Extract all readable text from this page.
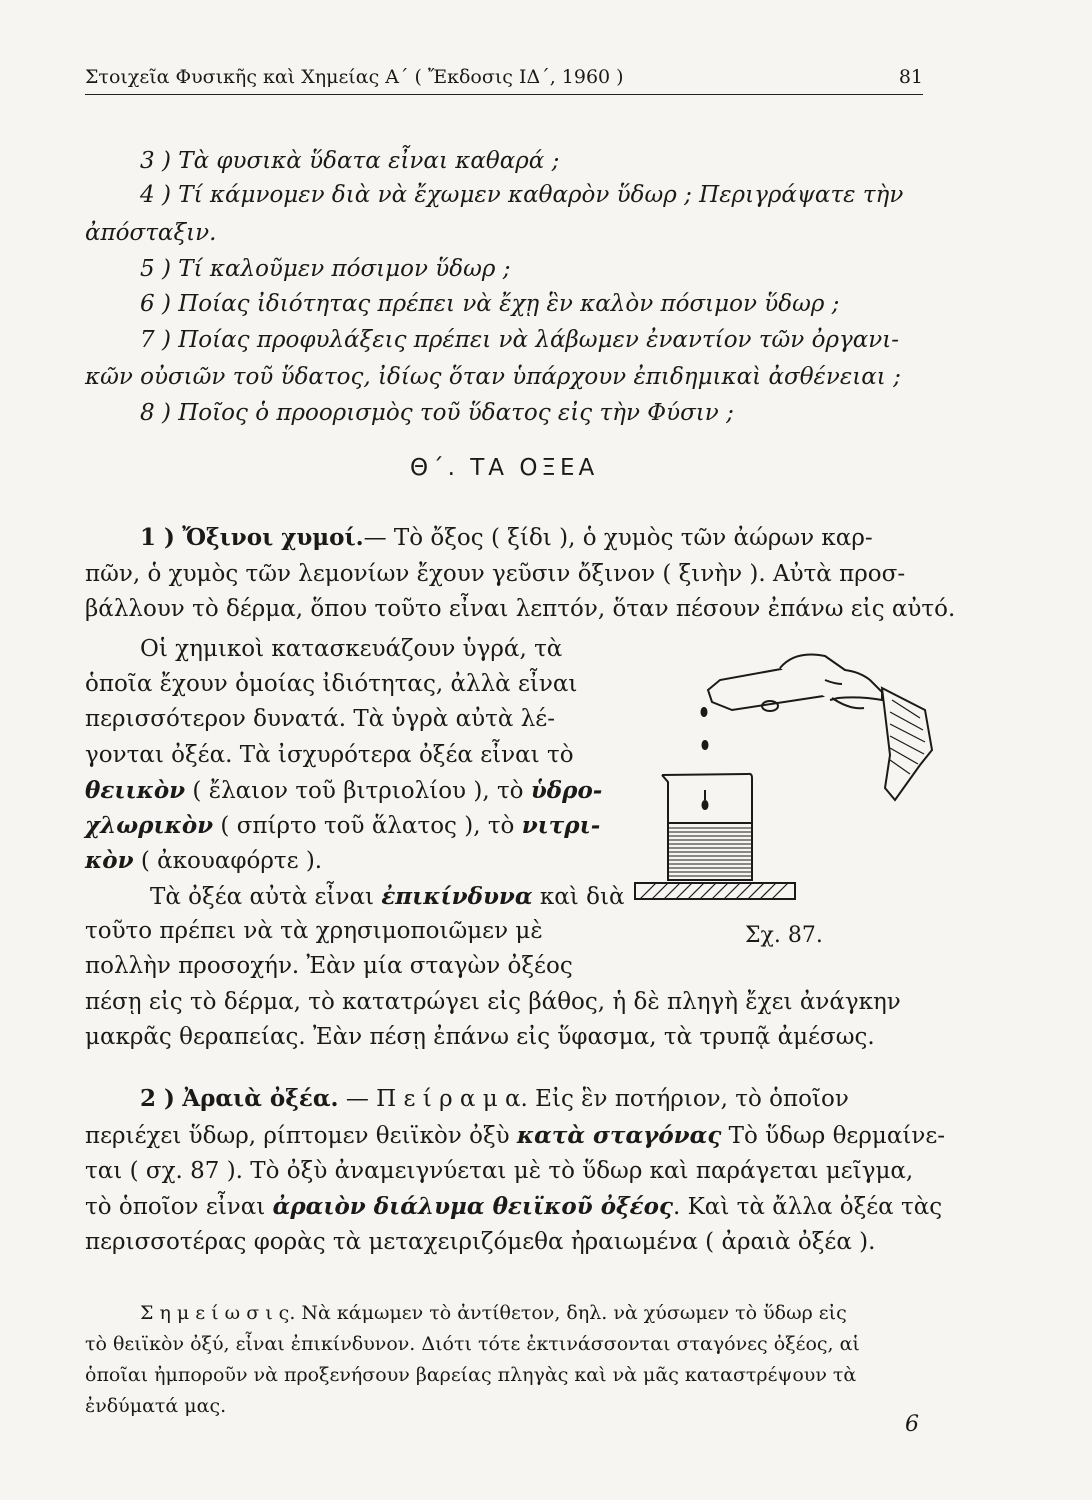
Στοιχεῖα Φυσικῆς καὶ Χημείας Α΄ ( Ἔκδοσις ΙΔ΄, 1960 )	81
3 ) Τὰ φυσικὰ ὕδατα εἶναι καθαρά ;
4 ) Τί κάμνομεν διὰ νὰ ἔχωμεν καθαρὸν ὕδωρ ; Περιγράψατε τὴν
ἀπόσταξιν.
5 ) Τί καλοῦμεν πόσιμον ὕδωρ ;
6 ) Ποίας ἰδιότητας πρέπει νὰ ἔχῃ ἓν καλὸν πόσιμον ὕδωρ ;
7 ) Ποίας προφυλάξεις πρέπει νὰ λάβωμεν ἐναντίον τῶν ὀργανι-
κῶν οὐσιῶν τοῦ ὕδατος, ἰδίως ὅταν ὑπάρχουν ἐπιδημικαὶ ἀσθένειαι ;
8 ) Ποῖος ὁ προορισμὸς τοῦ ὕδατος εἰς τὴν Φύσιν ;
Θ΄. ΤΑ ΟΞΕΑ
1 ) Ὄξινοι χυμοί.— Τὸ ὄξος ( ξίδι ), ὁ χυμὸς τῶν ἀώρων καρ-
πῶν, ὁ χυμὸς τῶν λεμονίων ἔχουν γεῦσιν ὄξινον ( ξινὴν ). Αὐτὰ προσ-
βάλλουν τὸ δέρμα, ὅπου τοῦτο εἶναι λεπτόν, ὅταν πέσουν ἐπάνω εἰς αὐτό.
Οἱ χημικοὶ κατασκευάζουν ὑγρά, τὰ
ὁποῖα ἔχουν ὁμοίας ἰδιότητας, ἀλλὰ εἶναι
περισσότερον δυνατά. Τὰ ὑγρὰ αὐτὰ λέ-
γονται ὀξέα. Τὰ ἰσχυρότερα ὀξέα εἶναι τὸ
θειικὸν ( ἔλαιον τοῦ βιτριολίου ), τὸ ὑδρο-
χλωρικὸν ( σπίρτο τοῦ ἅλατος ), τὸ νιτρι-
κὸν ( ἀκουαφόρτε ).
Τὰ ὀξέα αὐτὰ εἶναι ἐπικίνδυνα καὶ διὰ
τοῦτο πρέπει νὰ τὰ χρησιμοποιῶμεν μὲ
πολλὴν προσοχήν. Ἐὰν μία σταγὼν ὀξέος
πέσῃ εἰς τὸ δέρμα, τὸ κατατρώγει εἰς βάθος, ἡ δὲ πληγὴ ἔχει ἀνάγκην
μακρᾶς θεραπείας. Ἐὰν πέσῃ ἐπάνω εἰς ὕφασμα, τὰ τρυπᾷ ἀμέσως.
Σχ. 87.
2 ) Ἀραιὰ ὀξέα. — Π ε ί ρ α μ α. Εἰς ἓν ποτήριον, τὸ ὁποῖον
περιέχει ὕδωρ, ρίπτομεν θειϊκὸν ὀξὺ κατὰ σταγόνας Τὸ ὕδωρ θερμαίνε-
ται ( σχ. 87 ). Τὸ ὀξὺ ἀναμειγνύεται μὲ τὸ ὕδωρ καὶ παράγεται μεῖγμα,
τὸ ὁποῖον εἶναι ἀραιὸν διάλυμα θειϊκοῦ ὀξέος. Καὶ τὰ ἄλλα ὀξέα τὰς
περισσοτέρας φορὰς τὰ μεταχειριζόμεθα ἠραιωμένα ( ἀραιὰ ὀξέα ).
Σ η μ ε ί ω σ ι ς. Νὰ κάμωμεν τὸ ἀντίθετον, δηλ. νὰ χύσωμεν τὸ ὕδωρ εἰς
τὸ θειϊκὸν ὀξύ, εἶναι ἐπικίνδυνον. Διότι τότε ἐκτινάσσονται σταγόνες ὀξέος, αἱ
ὁποῖαι ἠμποροῦν νὰ προξενήσουν βαρείας πληγὰς καὶ νὰ μᾶς καταστρέψουν τὰ
ἐνδύματά μας.
6
